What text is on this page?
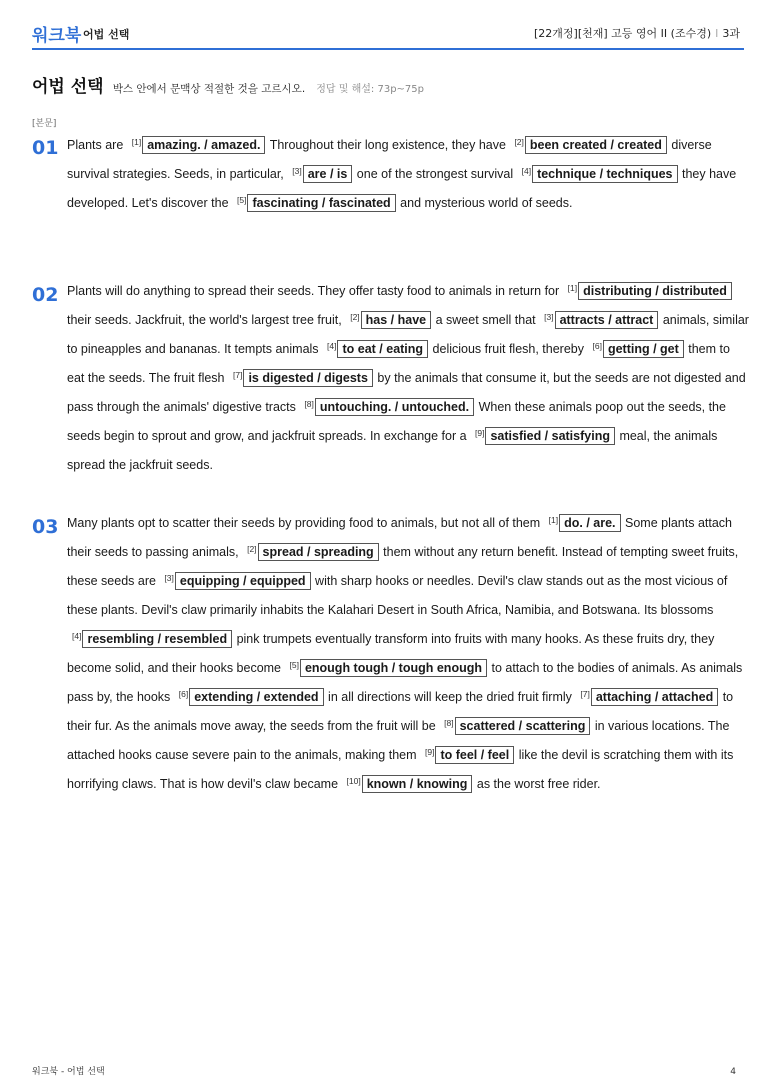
워크북 어법 선택	[22개정][천재] 고등 영어 II (조수경) I 3과
어법 선택 박스 안에서 문맥상 적절한 것을 고르시오. 정답 및 해설: 73p~75p
[본문]
01 Plants are [1] amazing. / amazed. Throughout their long existence, they have [2] been created / created diverse survival strategies. Seeds, in particular, [3] are / is one of the strongest survival [4] technique / techniques they have developed. Let's discover the [5] fascinating / fascinated and mysterious world of seeds.
02 Plants will do anything to spread their seeds. They offer tasty food to animals in return for [1] distributing / distributed their seeds. Jackfruit, the world's largest tree fruit, [2] has / have a sweet smell that [3] attracts / attract animals, similar to pineapples and bananas. It tempts animals [4] to eat / eating delicious fruit flesh, thereby [6] getting / get them to eat the seeds. The fruit flesh [7] is digested / digests by the animals that consume it, but the seeds are not digested and pass through the animals' digestive tracts [8] untouching. / untouched. When these animals poop out the seeds, the seeds begin to sprout and grow, and jackfruit spreads. In exchange for a [9] satisfied / satisfying meal, the animals spread the jackfruit seeds.
03 Many plants opt to scatter their seeds by providing food to animals, but not all of them [1] do. / are. Some plants attach their seeds to passing animals, [2] spread / spreading them without any return benefit. Instead of tempting sweet fruits, these seeds are [3] equipping / equipped with sharp hooks or needles. Devil's claw stands out as the most vicious of these plants. Devil's claw primarily inhabits the Kalahari Desert in South Africa, Namibia, and Botswana. Its blossoms [4] resembling / resembled pink trumpets eventually transform into fruits with many hooks. As these fruits dry, they become solid, and their hooks become [5] enough tough / tough enough to attach to the bodies of animals. As animals pass by, the hooks [6] extending / extended in all directions will keep the dried fruit firmly [7] attaching / attached to their fur. As the animals move away, the seeds from the fruit will be [8] scattered / scattering in various locations. The attached hooks cause severe pain to the animals, making them [9] to feel / feel like the devil is scratching them with its horrifying claws. That is how devil's claw became [10] known / knowing as the worst free rider.
워크북 - 어법 선택	4
